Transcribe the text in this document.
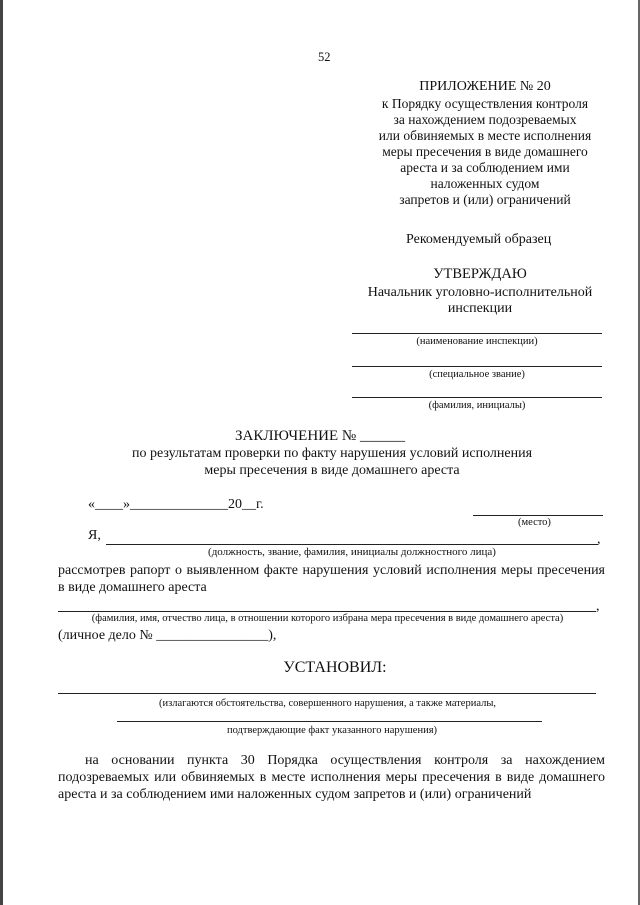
52
ПРИЛОЖЕНИЕ № 20
к Порядку осуществления контроля
за нахождением подозреваемых
или обвиняемых в месте исполнения
меры пресечения в виде домашнего
ареста и за соблюдением ими
наложенных судом
запретов и (или) ограничений
Рекомендуемый образец
УТВЕРЖДАЮ
Начальник уголовно-исполнительной
инспекции
(наименование инспекции)
(специальное звание)
(фамилия, инициалы)
ЗАКЛЮЧЕНИЕ № ______
по результатам проверки по факту нарушения условий исполнения
меры пресечения в виде домашнего ареста
«____»______________20__г.
(место)
Я,	,
(должность, звание, фамилия, инициалы должностного лица)
рассмотрев рапорт о выявленном факте нарушения условий исполнения меры пресечения в виде домашнего ареста
,
(фамилия, имя, отчество лица, в отношении которого избрана мера пресечения в виде домашнего ареста)
(личное дело № ________________),
УСТАНОВИЛ:
(излагаются обстоятельства, совершенного нарушения, а также материалы,
подтверждающие факт указанного нарушения)
на основании пункта 30 Порядка осуществления контроля за нахождением подозреваемых или обвиняемых в месте исполнения меры пресечения в виде домашнего ареста и за соблюдением ими наложенных судом запретов и (или) ограничений
